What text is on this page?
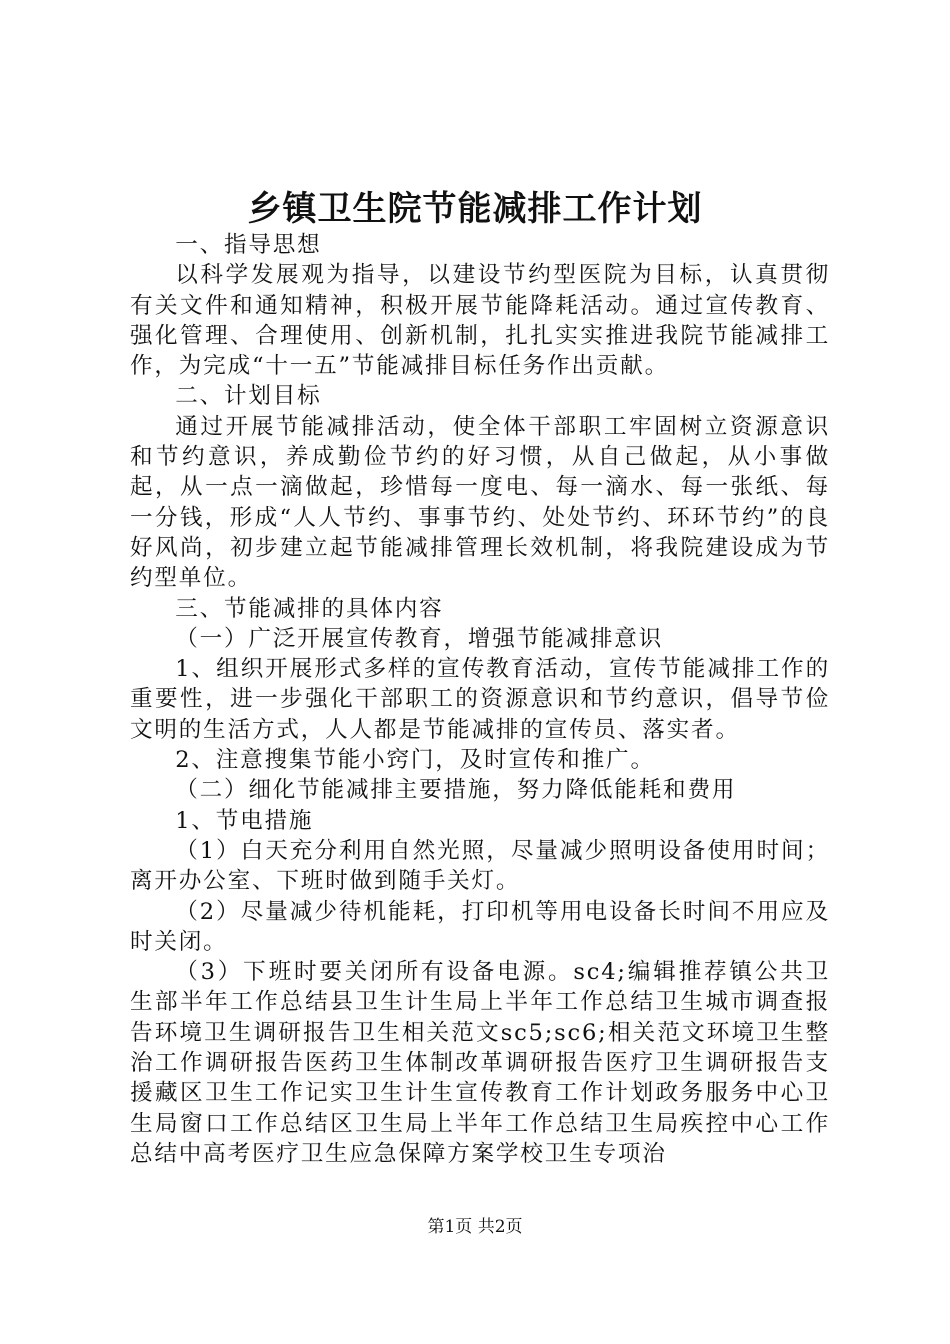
乡镇卫生院节能减排工作计划

一、指导思想

以科学发展观为指导，以建设节约型医院为目标，认真贯彻有关文件和通知精神，积极开展节能降耗活动。通过宣传教育、强化管理、合理使用、创新机制，扎扎实实推进我院节能减排工作，为完成“十一五”节能减排目标任务作出贡献。

二、计划目标

通过开展节能减排活动，使全体干部职工牢固树立资源意识和节约意识，养成勤俭节约的好习惯，从自己做起，从小事做起，从一点一滴做起，珍惜每一度电、每一滴水、每一张纸、每一分钱，形成“人人节约、事事节约、处处节约、环环节约”的良好风尚，初步建立起节能减排管理长效机制，将我院建设成为节约型单位。

三、节能减排的具体内容

（一）广泛开展宣传教育，增强节能减排意识

1、组织开展形式多样的宣传教育活动，宣传节能减排工作的重要性，进一步强化干部职工的资源意识和节约意识，倡导节俭文明的生活方式，人人都是节能减排的宣传员、落实者。

2、注意搜集节能小窍门，及时宣传和推广。

（二）细化节能减排主要措施，努力降低能耗和费用

1、节电措施

（1）白天充分利用自然光照，尽量减少照明设备使用时间；离开办公室、下班时做到随手关灯。

（2）尽量减少待机能耗，打印机等用电设备长时间不用应及时关闭。

（3）下班时要关闭所有设备电源。sc4;编辑推荐镇公共卫生部半年工作总结县卫生计生局上半年工作总结卫生城市调查报告环境卫生调研报告卫生相关范文sc5;sc6;相关范文环境卫生整治工作调研报告医药卫生体制改革调研报告医疗卫生调研报告支援藏区卫生工作记实卫生计生宣传教育工作计划政务服务中心卫生局窗口工作总结区卫生局上半年工作总结卫生局疾控中心工作总结中高考医疗卫生应急保障方案学校卫生专项治

第1页 共2页
